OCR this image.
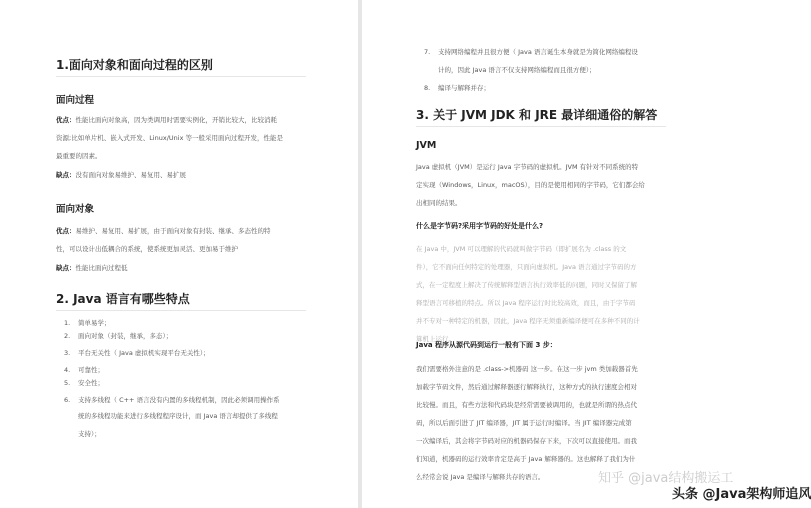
1.面向对象和面向过程的区别
面向过程
优点：性能比面向对象高，因为类调用时需要实例化，开销比较大，比较消耗
资源;比如单片机、嵌入式开发、Linux/Unix 等一般采用面向过程开发，性能是
最重要的因素。
缺点：没有面向对象易维护、易复用、易扩展
面向对象
优点：易维护、易复用、易扩展，由于面向对象有封装、继承、多态性的特
性，可以设计出低耦合的系统，使系统更加灵活、更加易于维护
缺点：性能比面向过程低
2. Java 语言有哪些特点
1. 简单易学；
2. 面向对象（封装，继承，多态）；
3. 平台无关性（ Java 虚拟机实现平台无关性）；
4. 可靠性；
5. 安全性；
6. 支持多线程（ C++ 语言没有内置的多线程机制，因此必须调用操作系
统的多线程功能来进行多线程程序设计，而 Java 语言却提供了多线程
支持）；
7. 支持网络编程并且很方便（ Java 语言诞生本身就是为简化网络编程设
计的，因此 Java 语言不仅支持网络编程而且很方便）；
8. 编译与解释并存；
3. 关于 JVM JDK 和 JRE 最详细通俗的解答
JVM
Java 虚拟机（JVM）是运行 Java 字节码的虚拟机。JVM 有针对不同系统的特
定实现（Windows，Linux，macOS），目的是使用相同的字节码，它们都会给
出相同的结果。
什么是字节码?采用字节码的好处是什么?
在 Java 中，JVM 可以理解的代码就叫做字节码（即扩展名为 .class 的文
件），它不面向任何特定的处理器，只面向虚拟机。Java 语言通过字节码的方
式，在一定程度上解决了传统解释型语言执行效率低的问题，同时又保留了解
释型语言可移植的特点。所以 Java 程序运行时比较高效，而且，由于字节码
并不专对一种特定的机器，因此，Java 程序无须重新编译便可在多种不同的计
算机上运行。
Java 程序从源代码到运行一般有下面 3 步：
我们需要格外注意的是 .class->机器码 这一步。在这一步 jvm 类加载器首先
加载字节码文件，然后通过解释器逐行解释执行，这种方式的执行速度会相对
比较慢。而且，有些方法和代码块是经常需要被调用的，也就是所谓的热点代
码，所以后面引进了 JIT 编译器，JIT 属于运行时编译。当 JIT 编译器完成第
一次编译后，其会将字节码对应的机器码保存下来，下次可以直接使用。而我
们知道，机器码的运行效率肯定是高于 Java 解释器的。这也解释了我们为什
么经常会说 Java 是编译与解释共存的语言。	知乎 @java结构搬运工
头条 @Java架构师追风
